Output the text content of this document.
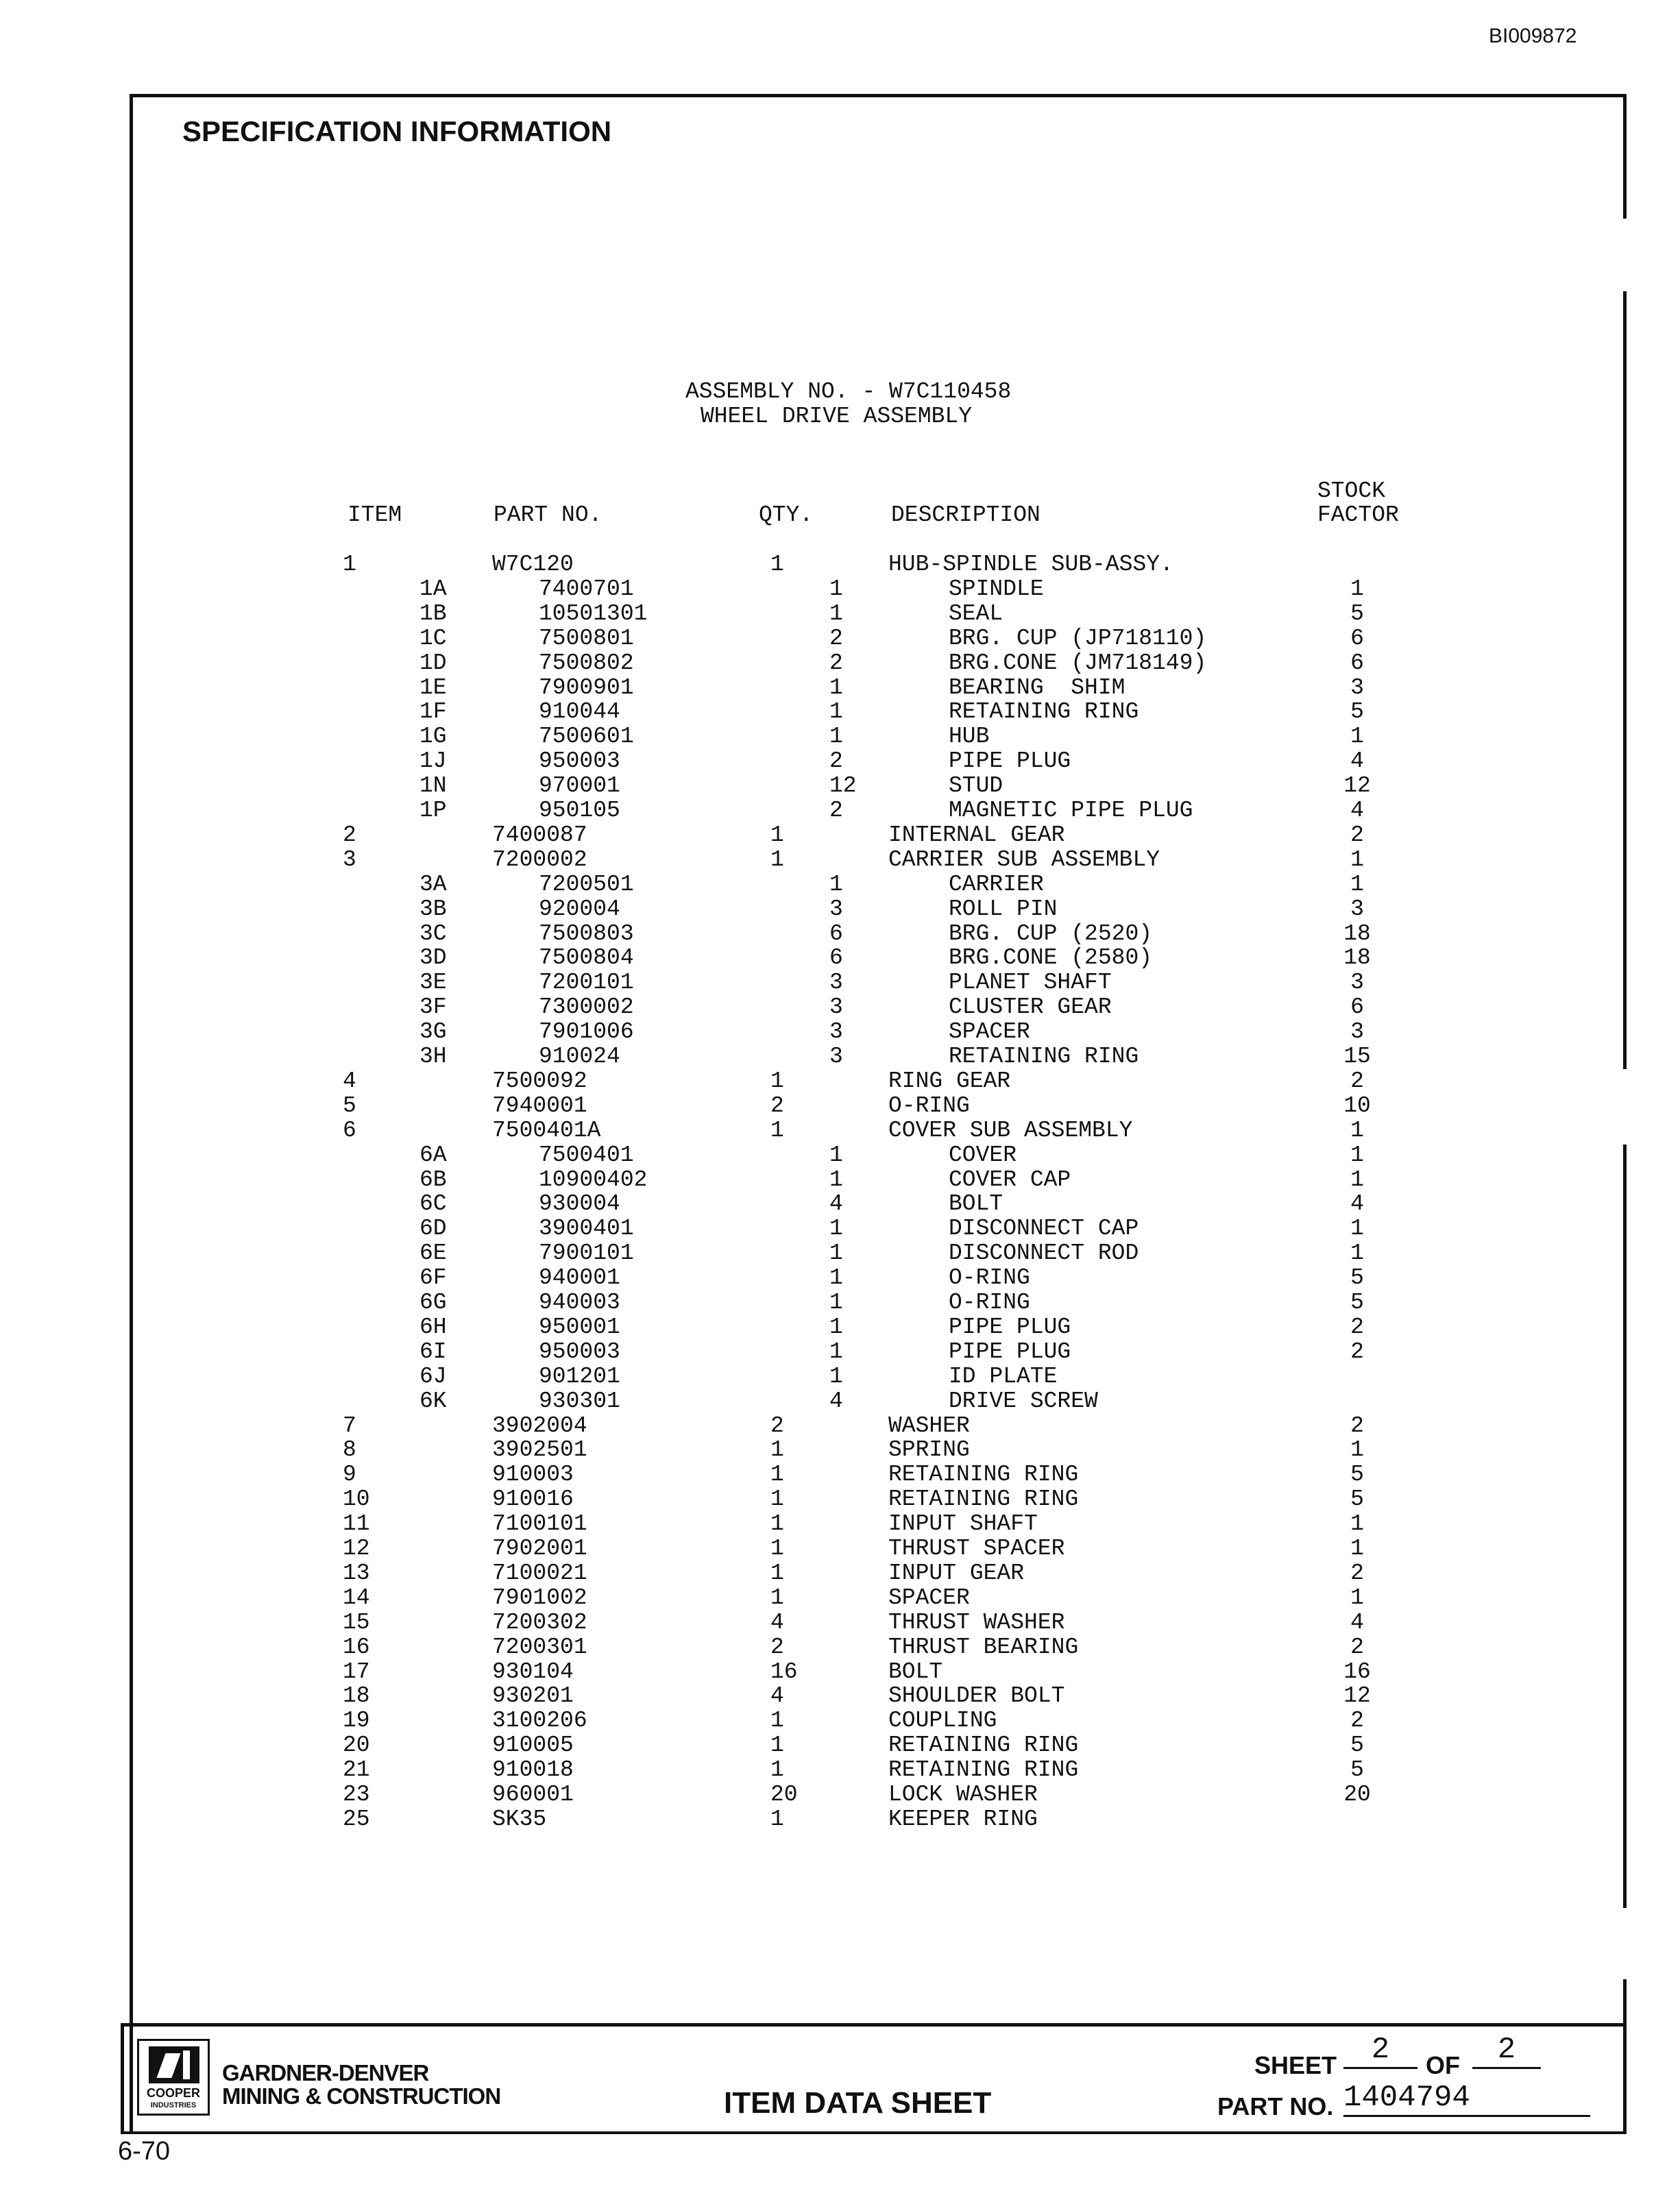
BI009872
SPECIFICATION INFORMATION
ASSEMBLY NO. - W7C110458
WHEEL DRIVE ASSEMBLY
ITEM	PART NO.	QTY.	DESCRIPTION
STOCK
FACTOR
1	W7C120	1	HUB-SPINDLE SUB-ASSY.
1A	7400701	1	SPINDLE	1
1B	10501301	1	SEAL	5
1C	7500801	2	BRG. CUP (JP718110)	6
1D	7500802	2	BRG.CONE (JM718149)	6
1E	7900901	1	BEARING  SHIM	3
1F	910044	1	RETAINING RING	5
1G	7500601	1	HUB	1
1J	950003	2	PIPE PLUG	4
1N	970001	12	STUD	12
1P	950105	2	MAGNETIC PIPE PLUG	4
2	7400087	1	INTERNAL GEAR	2
3	7200002	1	CARRIER SUB ASSEMBLY	1
3A	7200501	1	CARRIER	1
3B	920004	3	ROLL PIN	3
3C	7500803	6	BRG. CUP (2520)	18
3D	7500804	6	BRG.CONE (2580)	18
3E	7200101	3	PLANET SHAFT	3
3F	7300002	3	CLUSTER GEAR	6
3G	7901006	3	SPACER	3
3H	910024	3	RETAINING RING	15
4	7500092	1	RING GEAR	2
5	7940001	2	O-RING	10
6	7500401A	1	COVER SUB ASSEMBLY	1
6A	7500401	1	COVER	1
6B	10900402	1	COVER CAP	1
6C	930004	4	BOLT	4
6D	3900401	1	DISCONNECT CAP	1
6E	7900101	1	DISCONNECT ROD	1
6F	940001	1	O-RING	5
6G	940003	1	O-RING	5
6H	950001	1	PIPE PLUG	2
6I	950003	1	PIPE PLUG	2
6J	901201	1	ID PLATE
6K	930301	4	DRIVE SCREW
7	3902004	2	WASHER	2
8	3902501	1	SPRING	1
9	910003	1	RETAINING RING	5
10	910016	1	RETAINING RING	5
11	7100101	1	INPUT SHAFT	1
12	7902001	1	THRUST SPACER	1
13	7100021	1	INPUT GEAR	2
14	7901002	1	SPACER	1
15	7200302	4	THRUST WASHER	4
16	7200301	2	THRUST BEARING	2
17	930104	16	BOLT	16
18	930201	4	SHOULDER BOLT	12
19	3100206	1	COUPLING	2
20	910005	1	RETAINING RING	5
21	910018	1	RETAINING RING	5
23	960001	20	LOCK WASHER	20
25	SK35	1	KEEPER RING
COOPER
INDUSTRIES
GARDNER-DENVER
MINING & CONSTRUCTION	ITEM DATA SHEET
SHEET	2	OF	2
PART NO. 1404794
6-70
